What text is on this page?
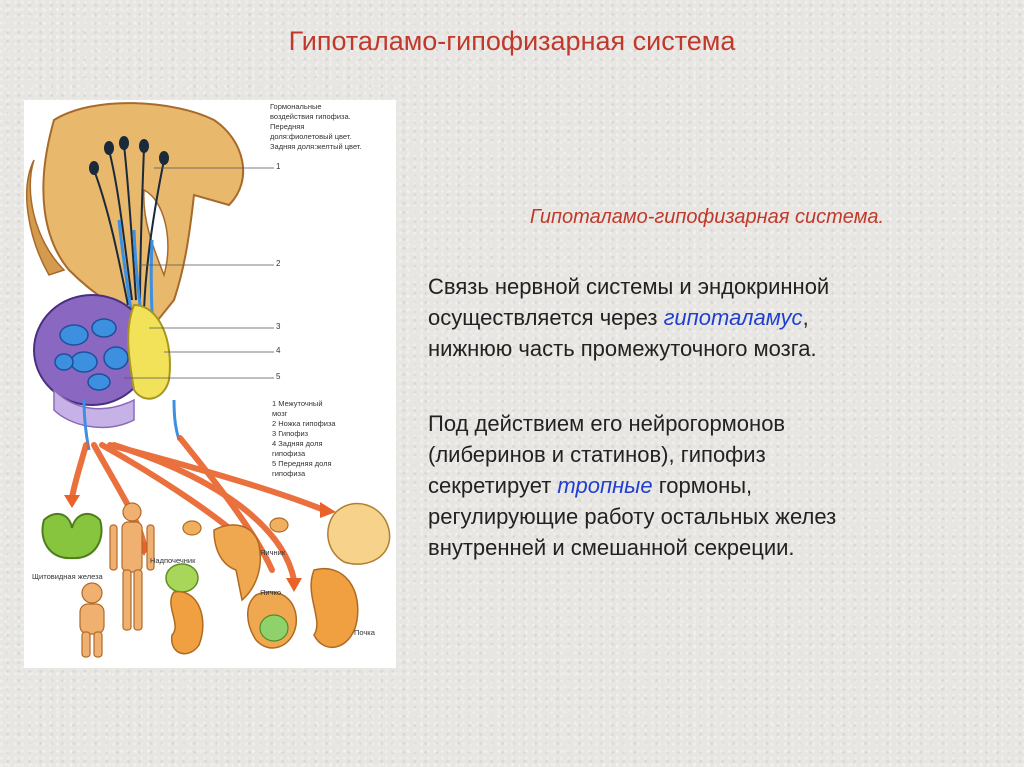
Гипоталамо-гипофизарная система
Гормональные
воздействия гипофиза.
Передняя
доля:фиолетовый цвет.
Задняя доля:желтый цвет.
1
2
3
4
5
1 Межуточный
мозг
2 Ножка гипофиза
3 Гипофиз
4 Задняя доля
гипофиза
5 Передняя доля
гипофиза
Щитовидная железа
Надпочечник
Яичник
Яичко
Почка
Гипоталамо-гипофизарная система.
Связь нервной системы и эндокринной
осуществляется через гипоталамус,
нижнюю часть промежуточного мозга.
Под действием его нейрогормонов
(либеринов и статинов), гипофиз
секретирует тропные гормоны,
регулирующие работу остальных желез
внутренней и смешанной секреции.
